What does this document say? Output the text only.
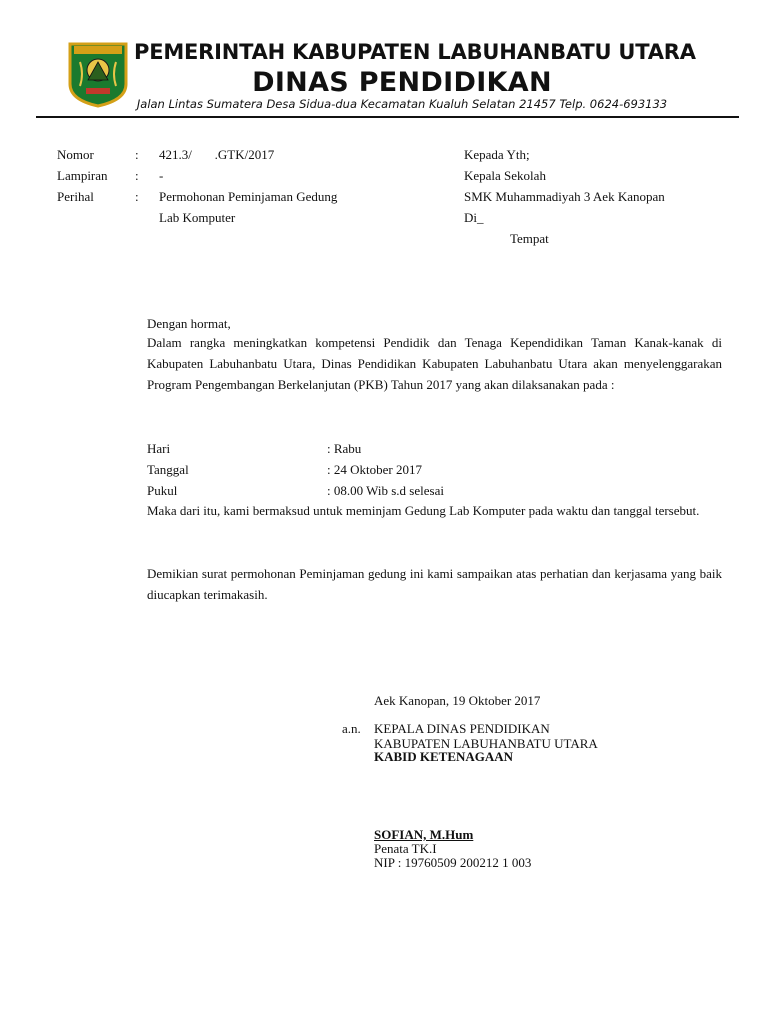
PEMERINTAH KABUPATEN LABUHANBATU UTARA
DINAS PENDIDIKAN
Jalan Lintas Sumatera Desa Sidua-dua Kecamatan Kualuh Selatan 21457 Telp. 0624-693133
Nomor	: 421.3/       .GTK/2017
Lampiran : -
Perihal	: Permohonan Peminjaman Gedung
Lab Komputer
Kepada Yth;
Kepala Sekolah
SMK Muhammadiyah 3 Aek Kanopan
Di_
Tempat
Dengan hormat,
Dalam rangka meningkatkan kompetensi Pendidik dan Tenaga Kependidikan Taman Kanak-kanak di Kabupaten Labuhanbatu Utara, Dinas Pendidikan Kabupaten Labuhanbatu Utara akan menyelenggarakan Program Pengembangan Berkelanjutan (PKB) Tahun 2017 yang akan dilaksanakan pada :
Hari	: Rabu
Tanggal	: 24 Oktober 2017
Pukul	: 08.00 Wib s.d selesai
Maka dari itu, kami bermaksud untuk meminjam Gedung Lab Komputer pada waktu dan tanggal tersebut.
Demikian surat permohonan Peminjaman gedung ini kami sampaikan atas perhatian dan kerjasama yang baik diucapkan terimakasih.
Aek Kanopan, 19 Oktober 2017
a.n. KEPALA DINAS PENDIDIKAN
KABUPATEN LABUHANBATU UTARA
KABID KETENAGAAN
SOFIAN, M.Hum
Penata TK.I
NIP : 19760509 200212 1 003
